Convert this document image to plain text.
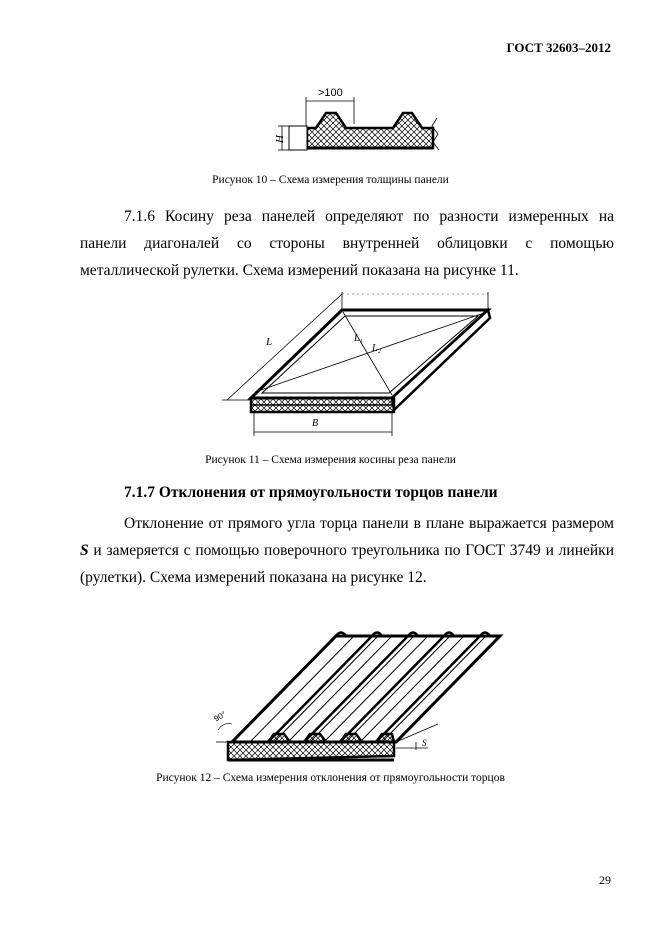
ГОСТ 32603–2012
>100
H
Рисунок 10 – Схема измерения толщины панели
7.1.6 Косину реза панелей определяют по разности измеренных на панели диагоналей со стороны внутренней облицовки с помощью металлической рулетки. Схема измерений показана на рисунке 11.
L	L₁
L₂
B
Рисунок 11 – Схема измерения косины реза панели
7.1.7 Отклонения от прямоугольности торцов панели
Отклонение от прямого угла торца панели в плане выражается размером S и замеряется с помощью поверочного треугольника по ГОСТ 3749 и линейки (рулетки). Схема измерений показана на рисунке 12.
90°
S
Рисунок 12 – Схема измерения отклонения от прямоугольности торцов
29
